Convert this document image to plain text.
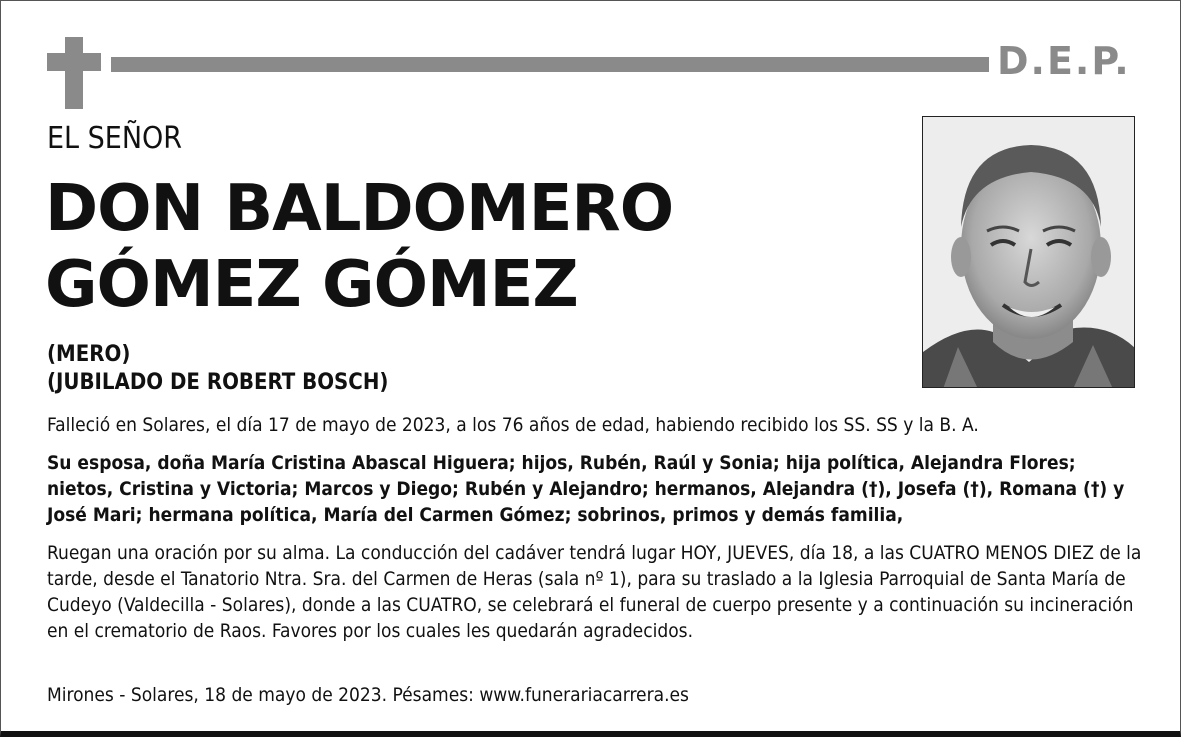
D.E.P.
EL SEÑOR
DON BALDOMERO
GÓMEZ GÓMEZ
(MERO)
(JUBILADO DE ROBERT BOSCH)
Falleció en Solares, el día 17 de mayo de 2023, a los 76 años de edad, habiendo recibido los SS. SS y la B. A.
Su esposa, doña María Cristina Abascal Higuera; hijos, Rubén, Raúl y Sonia; hija política, Alejandra Flores; nietos, Cristina y Victoria; Marcos y Diego; Rubén y Alejandro; hermanos, Alejandra (†), Josefa (†), Romana (†) y José Mari; hermana política, María del Carmen Gómez; sobrinos, primos y demás familia,
Ruegan una oración por su alma. La conducción del cadáver tendrá lugar HOY, JUEVES, día 18, a las CUATRO MENOS DIEZ de la tarde, desde el Tanatorio Ntra. Sra. del Carmen de Heras (sala nº 1), para su traslado a la Iglesia Parroquial de Santa María de Cudeyo (Valdecilla - Solares), donde a las CUATRO, se celebrará el funeral de cuerpo presente y a continuación su incineración en el crematorio de Raos. Favores por los cuales les quedarán agradecidos.
Mirones - Solares, 18 de mayo de 2023. Pésames: www.funerariacarrera.es
